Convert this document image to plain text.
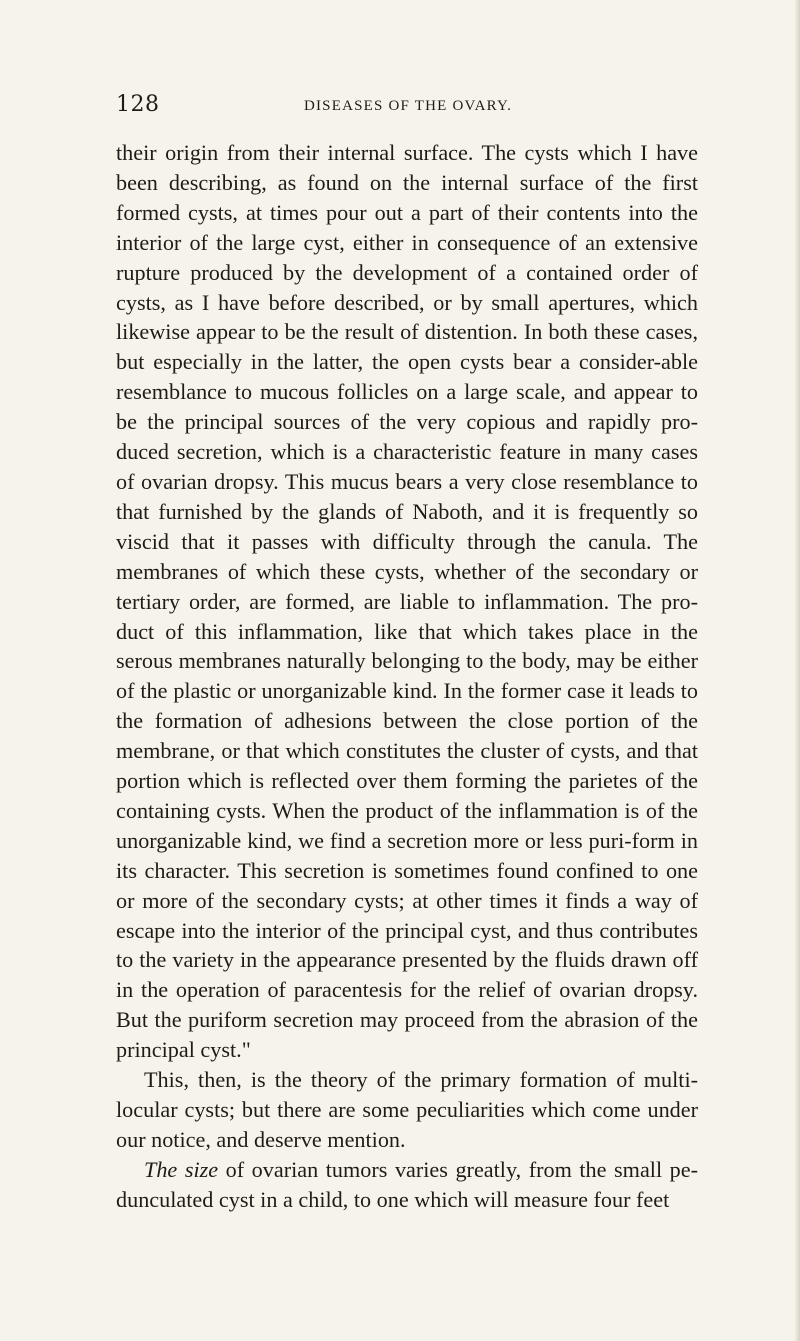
128	DISEASES OF THE OVARY.

their origin from their internal surface. The cysts which I have been describing, as found on the internal surface of the first formed cysts, at times pour out a part of their contents into the interior of the large cyst, either in consequence of an extensive rupture produced by the development of a contained order of cysts, as I have before described, or by small apertures, which likewise appear to be the result of distention. In both these cases, but especially in the latter, the open cysts bear a consider-able resemblance to mucous follicles on a large scale, and appear to be the principal sources of the very copious and rapidly pro-duced secretion, which is a characteristic feature in many cases of ovarian dropsy. This mucus bears a very close resemblance to that furnished by the glands of Naboth, and it is frequently so viscid that it passes with difficulty through the canula. The membranes of which these cysts, whether of the secondary or tertiary order, are formed, are liable to inflammation. The pro-duct of this inflammation, like that which takes place in the serous membranes naturally belonging to the body, may be either of the plastic or unorganizable kind. In the former case it leads to the formation of adhesions between the close portion of the membrane, or that which constitutes the cluster of cysts, and that portion which is reflected over them forming the parietes of the containing cysts. When the product of the inflammation is of the unorganizable kind, we find a secretion more or less puri-form in its character. This secretion is sometimes found confined to one or more of the secondary cysts; at other times it finds a way of escape into the interior of the principal cyst, and thus contributes to the variety in the appearance presented by the fluids drawn off in the operation of paracentesis for the relief of ovarian dropsy. But the puriform secretion may proceed from the abrasion of the principal cyst."

This, then, is the theory of the primary formation of multi-locular cysts; but there are some peculiarities which come under our notice, and deserve mention.

The size of ovarian tumors varies greatly, from the small pe-dunculated cyst in a child, to one which will measure four feet
